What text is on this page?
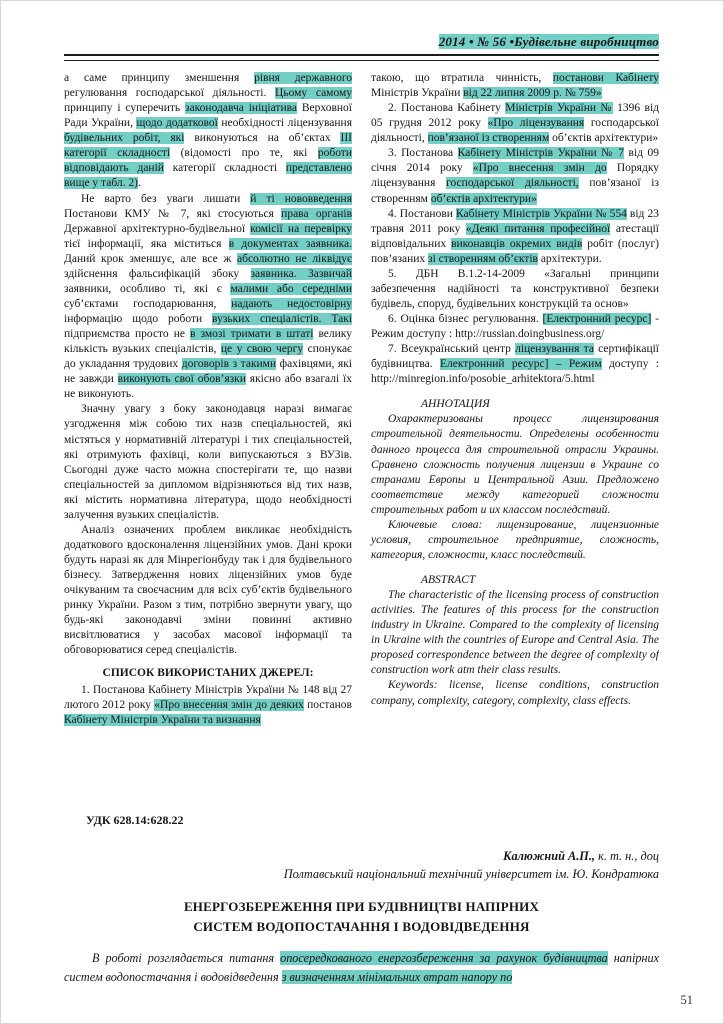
2014 • № 56 •Будівельне виробництво

а саме принципу зменшення рівня державного регулювання господарської діяльності. Цьому самому принципу і суперечить законодавча ініціатива Верховної Ради України, щодо додаткової необхідності ліцензування будівельних робіт, які виконуються на об’єктах ІІІ категорії складності (відомості про те, які роботи відповідають даній категорії складності представлено вище у табл. 2).

Не варто без уваги лишати й ті нововведення Постанови КМУ № 7, які стосуються права органів Державної архітектурно-будівельної комісії на перевірку тієї інформації, яка міститься в документах заявника. Даний крок зменшує, але все ж абсолютно не ліквідує здійснення фальсифікацій збоку заявника. Зазвичай заявники, особливо ті, які є малими або середніми суб’єктами господарювання, надають недостовірну інформацію щодо роботи вузьких спеціалістів. Такі підприємства просто не в змозі тримати в штаті велику кількість вузьких спеціалістів, це у свою чергу спонукає до укладання трудових договорів з такими фахівцями, які не завжди виконують свої обов’язки якісно або взагалі їх не виконують.

Значну увагу з боку законодавця наразі вимагає узгодження між собою тих назв спеціальностей, які містяться у нормативній літературі і тих спеціальностей, які отримують фахівці, коли випускаються з ВУЗів. Сьогодні дуже часто можна спостерігати те, що назви спеціальностей за дипломом відрізняються від тих назв, які містить нормативна література, щодо необхідності залучення вузьких спеціалістів.

Аналіз означених проблем викликає необхідність додаткового вдосконалення ліцензійних умов. Дані кроки будуть наразі як для Мінрегіонбуду так і для будівельного бізнесу. Затвердження нових ліцензійних умов буде очікуваним та своєчасним для всіх суб’єктів будівельного ринку України. Разом з тим, потрібно звернути увагу, що будь-які законодавчі зміни повинні активно висвітлюватися у засобах масової інформації та обговорюватися серед спеціалістів.

СПИСОК ВИКОРИСТАНИХ ДЖЕРЕЛ:

1. Постанова Кабінету Міністрів України № 148 від 27 лютого 2012 року «Про внесення змін до деяких постанов Кабінету Міністрів України та визнання

такою, що втратила чинність, постанови Кабінету Міністрів України від 22 липня 2009 р. № 759»

2. Постанова Кабінету Міністрів України № 1396 від 05 грудня 2012 року «Про ліцензування господарської діяльності, пов’язаної із створенням об’єктів архітектури»

3. Постанова Кабінету Міністрів України № 7 від 09 січня 2014 року «Про внесення змін до Порядку ліцензування господарської діяльності, пов’язаної із створенням об’єктів архітектури»

4. Постанови Кабінету Міністрів України № 554 від 23 травня 2011 року «Деякі питання професійної атестації відповідальних виконавців окремих видів робіт (послуг) пов’язаних зі створенням об’єктів архітектури.

5. ДБН В.1.2-14-2009 «Загальні принципи забезпечення надійності та конструктивної безпеки будівель, споруд, будівельних конструкцій та основ»

6. Оцінка бізнес регулювання. [Електронний ресурс] - Режим доступу : http://russian.doingbusiness.org/

7. Всеукраїнський центр ліцензування та сертифікації будівництва. Електронний ресурс] – Режим доступу : http://minregion.info/posobie_arhitektora/5.html

АННОТАЦИЯ

Охарактеризованы процесс лицензирования строительной деятельности. Определены особенности данного процесса для строительной отрасли Украины. Сравнено сложность получения лицензии в Украине со странами Европы и Центральной Азии. Предложено соответствие между категорией сложности строительных работ и их классом последствий.

Ключевые слова: лицензирование, лицензионные условия, строительное предприятие, сложность, категория, сложности, класс последствий.

ABSTRACT

The characteristic of the licensing process of construction activities. The features of this process for the construction industry in Ukraine. Compared to the complexity of licensing in Ukraine with the countries of Europe and Central Asia. The proposed correspondence between the degree of complexity of construction work atm their class results.

Keywords: license, license conditions, construction company, complexity, category, complexity, class effects.

УДК 628.14:628.22
Калюжний А.П., к. т. н., доц
Полтавський національний технічний університет ім. Ю. Кондратюка
ЕНЕРГОЗБЕРЕЖЕННЯ ПРИ БУДІВНИЦТВІ НАПІРНИХ
СИСТЕМ ВОДОПОСТАЧАННЯ І ВОДОВІДВЕДЕННЯ

В роботі розглядається питання опосередкованого енергозбереження за рахунок будівництва напірних систем водопостачання і водовідведення з визначенням мінімальних втрат напору по

51
